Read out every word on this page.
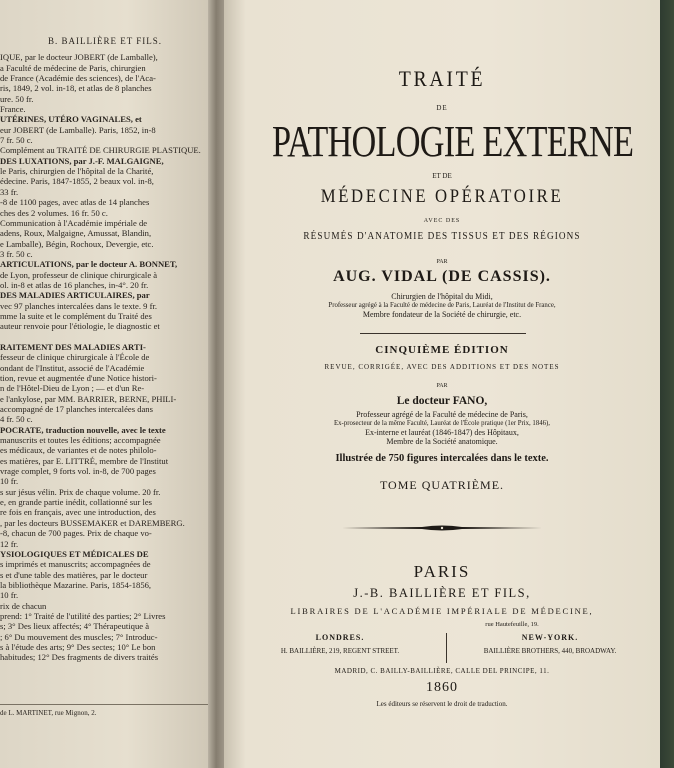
B. BAILLIÈRE ET FILS.
IQUE, par le docteur JOBERT (de Lamballe),
a Faculté de médecine de Paris, chirurgien
de France (Académie des sciences), de l'Aca-
ris, 1849, 2 vol. in-18, et atlas de 8 planches
ure. 50 fr.
France.
UTÉRINES, UTÉRO VAGINALES, et
eur JOBERT (de Lamballe). Paris, 1852, in-8
7 fr. 50 c.
Complément au TRAITÉ DE CHIRURGIE PLASTIQUE.
DES LUXATIONS, par J.-F. MALGAIGNE,
le Paris, chirurgien de l'hôpital de la Charité,
édecine. Paris, 1847-1855, 2 beaux vol. in-8,
33 fr.
-8 de 1100 pages, avec atlas de 14 planches
ches des 2 volumes. 16 fr. 50 c.
Communication à l'Académie impériale de
adens, Roux, Malgaigne, Amussat, Blandin,
e Lamballe), Bégin, Rochoux, Devergie, etc.
3 fr. 50 c.
ARTICULATIONS, par le docteur A. BONNET,
de Lyon, professeur de clinique chirurgicale à
ol. in-8 et atlas de 16 planches, in-4°. 20 fr.
DES MALADIES ARTICULAIRES, par
vec 97 planches intercalées dans le texte. 9 fr.
mme la suite et le complément du Traité des
auteur renvoie pour l'étiologie, le diagnostic et

RAITEMENT DES MALADIES ARTI-
fesseur de clinique chirurgicale à l'École de
ondant de l'Institut, associé de l'Académie
tion, revue et augmentée d'une Notice histori-
n de l'Hôtel-Dieu de Lyon ; — et d'un Re-
e l'ankylose, par MM. BARRIER, BERNE, PHILI-
accompagné de 17 planches intercalées dans
4 fr. 50 c.
POCRATE, traduction nouvelle, avec le texte
manuscrits et toutes les éditions; accompagnée
es médicaux, de variantes et de notes philolo-
es matières, par E. LITTRÉ, membre de l'Institut
vrage complet, 9 forts vol. in-8, de 700 pages
10 fr.
s sur jésus vélin. Prix de chaque volume. 20 fr.
e, en grande partie inédit, collationné sur les
re fois en français, avec une introduction, des
, par les docteurs BUSSEMAKER et DAREMBERG.
-8, chacun de 700 pages. Prix de chaque vo-
12 fr.
YSIOLOGIQUES ET MÉDICALES DE
s imprimés et manuscrits; accompagnées de
s et d'une table des matières, par le docteur
la bibliothèque Mazarine. Paris, 1854-1856,
10 fr.
rix de chacun
prend: 1° Traité de l'utilité des parties; 2° Livres
s; 3° Des lieux affectés; 4° Thérapeutique à
; 6° Du mouvement des muscles; 7° Introduc-
s à l'étude des arts; 9° Des sectes; 10° Le bon
habitudes; 12° Des fragments de divers traités
de L. MARTINET, rue Mignon, 2.
TRAITÉ
DE
PATHOLOGIE EXTERNE
ET DE
MÉDECINE OPÉRATOIRE
AVEC DES
RÉSUMÉS D'ANATOMIE DES TISSUS ET DES RÉGIONS
PAR
AUG. VIDAL (DE CASSIS).
Chirurgien de l'hôpital du Midi,
Professeur agrégé à la Faculté de médecine de Paris, Lauréat de l'Institut de France,
Membre fondateur de la Société de chirurgie, etc.
CINQUIÈME ÉDITION
REVUE, CORRIGÉE, AVEC DES ADDITIONS ET DES NOTES
PAR
Le docteur FANO,
Professeur agrégé de la Faculté de médecine de Paris,
Ex-prosecteur de la même Faculté, Lauréat de l'École pratique (1er Prix, 1846),
Ex-interne et lauréat (1846-1847) des Hôpitaux,
Membre de la Société anatomique.
Illustrée de 750 figures intercalées dans le texte.
TOME QUATRIÈME.
PARIS
J.-B. BAILLIÈRE ET FILS,
LIBRAIRES DE L'ACADÉMIE IMPÉRIALE DE MÉDECINE,
rue Hautefeuille, 19.
LONDRES.
H. BAILLIÈRE, 219, REGENT STREET.
NEW-YORK.
BAILLIÈRE BROTHERS, 440, BROADWAY.
MADRID, C. BAILLY-BAILLIÈRE, CALLE DEL PRINCIPE, 11.
1860
Les éditeurs se réservent le droit de traduction.
